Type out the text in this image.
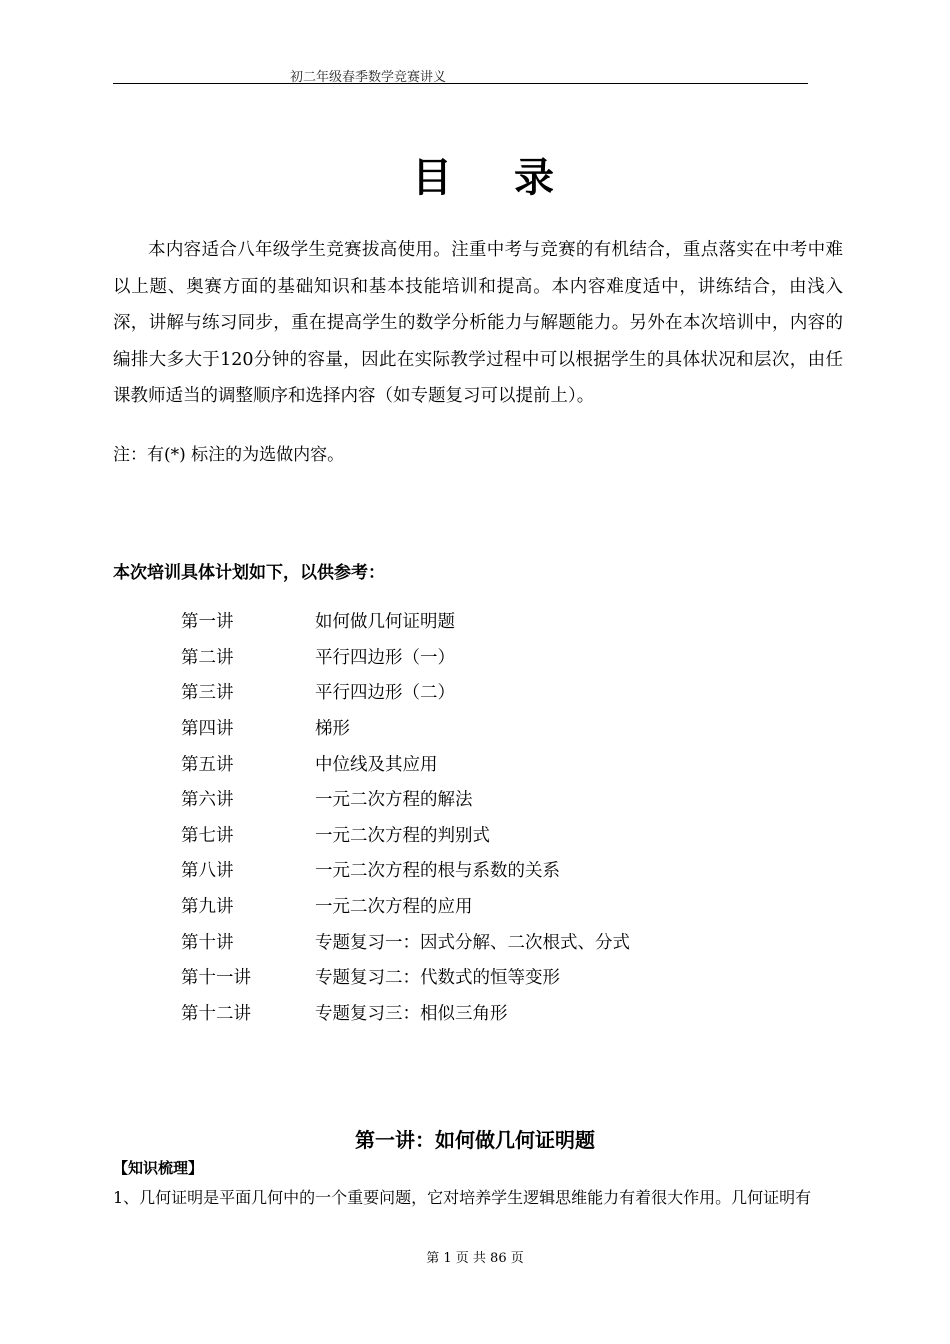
初二年级春季数学竞赛讲义
目 录

本内容适合八年级学生竞赛拔高使用。注重中考与竞赛的有机结合，重点落实在中考中难以上题、奥赛方面的基础知识和基本技能培训和提高。本内容难度适中，讲练结合，由浅入深，讲解与练习同步，重在提高学生的数学分析能力与解题能力。另外在本次培训中，内容的编排大多大于120分钟的容量，因此在实际教学过程中可以根据学生的具体状况和层次，由任课教师适当的调整顺序和选择内容（如专题复习可以提前上）。

注：有(*) 标注的为选做内容。

本次培训具体计划如下，以供参考：

第一讲	如何做几何证明题
第二讲	平行四边形（一）
第三讲	平行四边形（二）
第四讲	梯形
第五讲	中位线及其应用
第六讲	一元二次方程的解法
第七讲	一元二次方程的判别式
第八讲	一元二次方程的根与系数的关系
第九讲	一元二次方程的应用
第十讲	专题复习一：因式分解、二次根式、分式
第十一讲	专题复习二：代数式的恒等变形
第十二讲	专题复习三：相似三角形
第一讲：如何做几何证明题

【知识梳理】

1、几何证明是平面几何中的一个重要问题，它对培养学生逻辑思维能力有着很大作用。几何证明有

第 1 页 共 86 页
